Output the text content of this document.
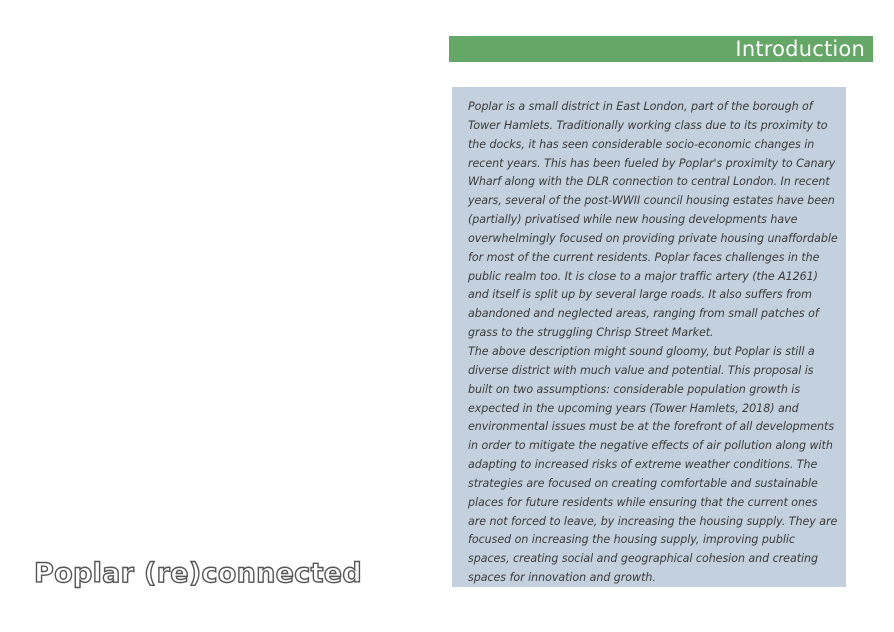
Introduction

Poplar is a small district in East London, part of the borough of Tower Hamlets. Traditionally working class due to its proximity to the docks, it has seen considerable socio-economic changes in recent years. This has been fueled by Poplar's proximity to Canary Wharf along with the DLR connection to central London. In recent years, several of the post-WWII council housing estates have been (partially) privatised while new housing developments have overwhelmingly focused on providing private housing unaffordable for most of the current residents. Poplar faces challenges in the public realm too. It is close to a major traffic artery (the A1261) and itself is split up by several large roads. It also suffers from abandoned and neglected areas, ranging from small patches of grass to the struggling Chrisp Street Market.

The above description might sound gloomy, but Poplar is still a diverse district with much value and potential. This proposal is built on two assumptions: considerable population growth is expected in the upcoming years (Tower Hamlets, 2018) and environmental issues must be at the forefront of all developments in order to mitigate the negative effects of air pollution along with adapting to increased risks of extreme weather conditions. The strategies are focused on creating comfortable and sustainable places for future residents while ensuring that the current ones are not forced to leave, by increasing the housing supply. They are focused on increasing the housing supply, improving public spaces, creating social and geographical cohesion and creating spaces for innovation and growth.

Poplar (re)connected
